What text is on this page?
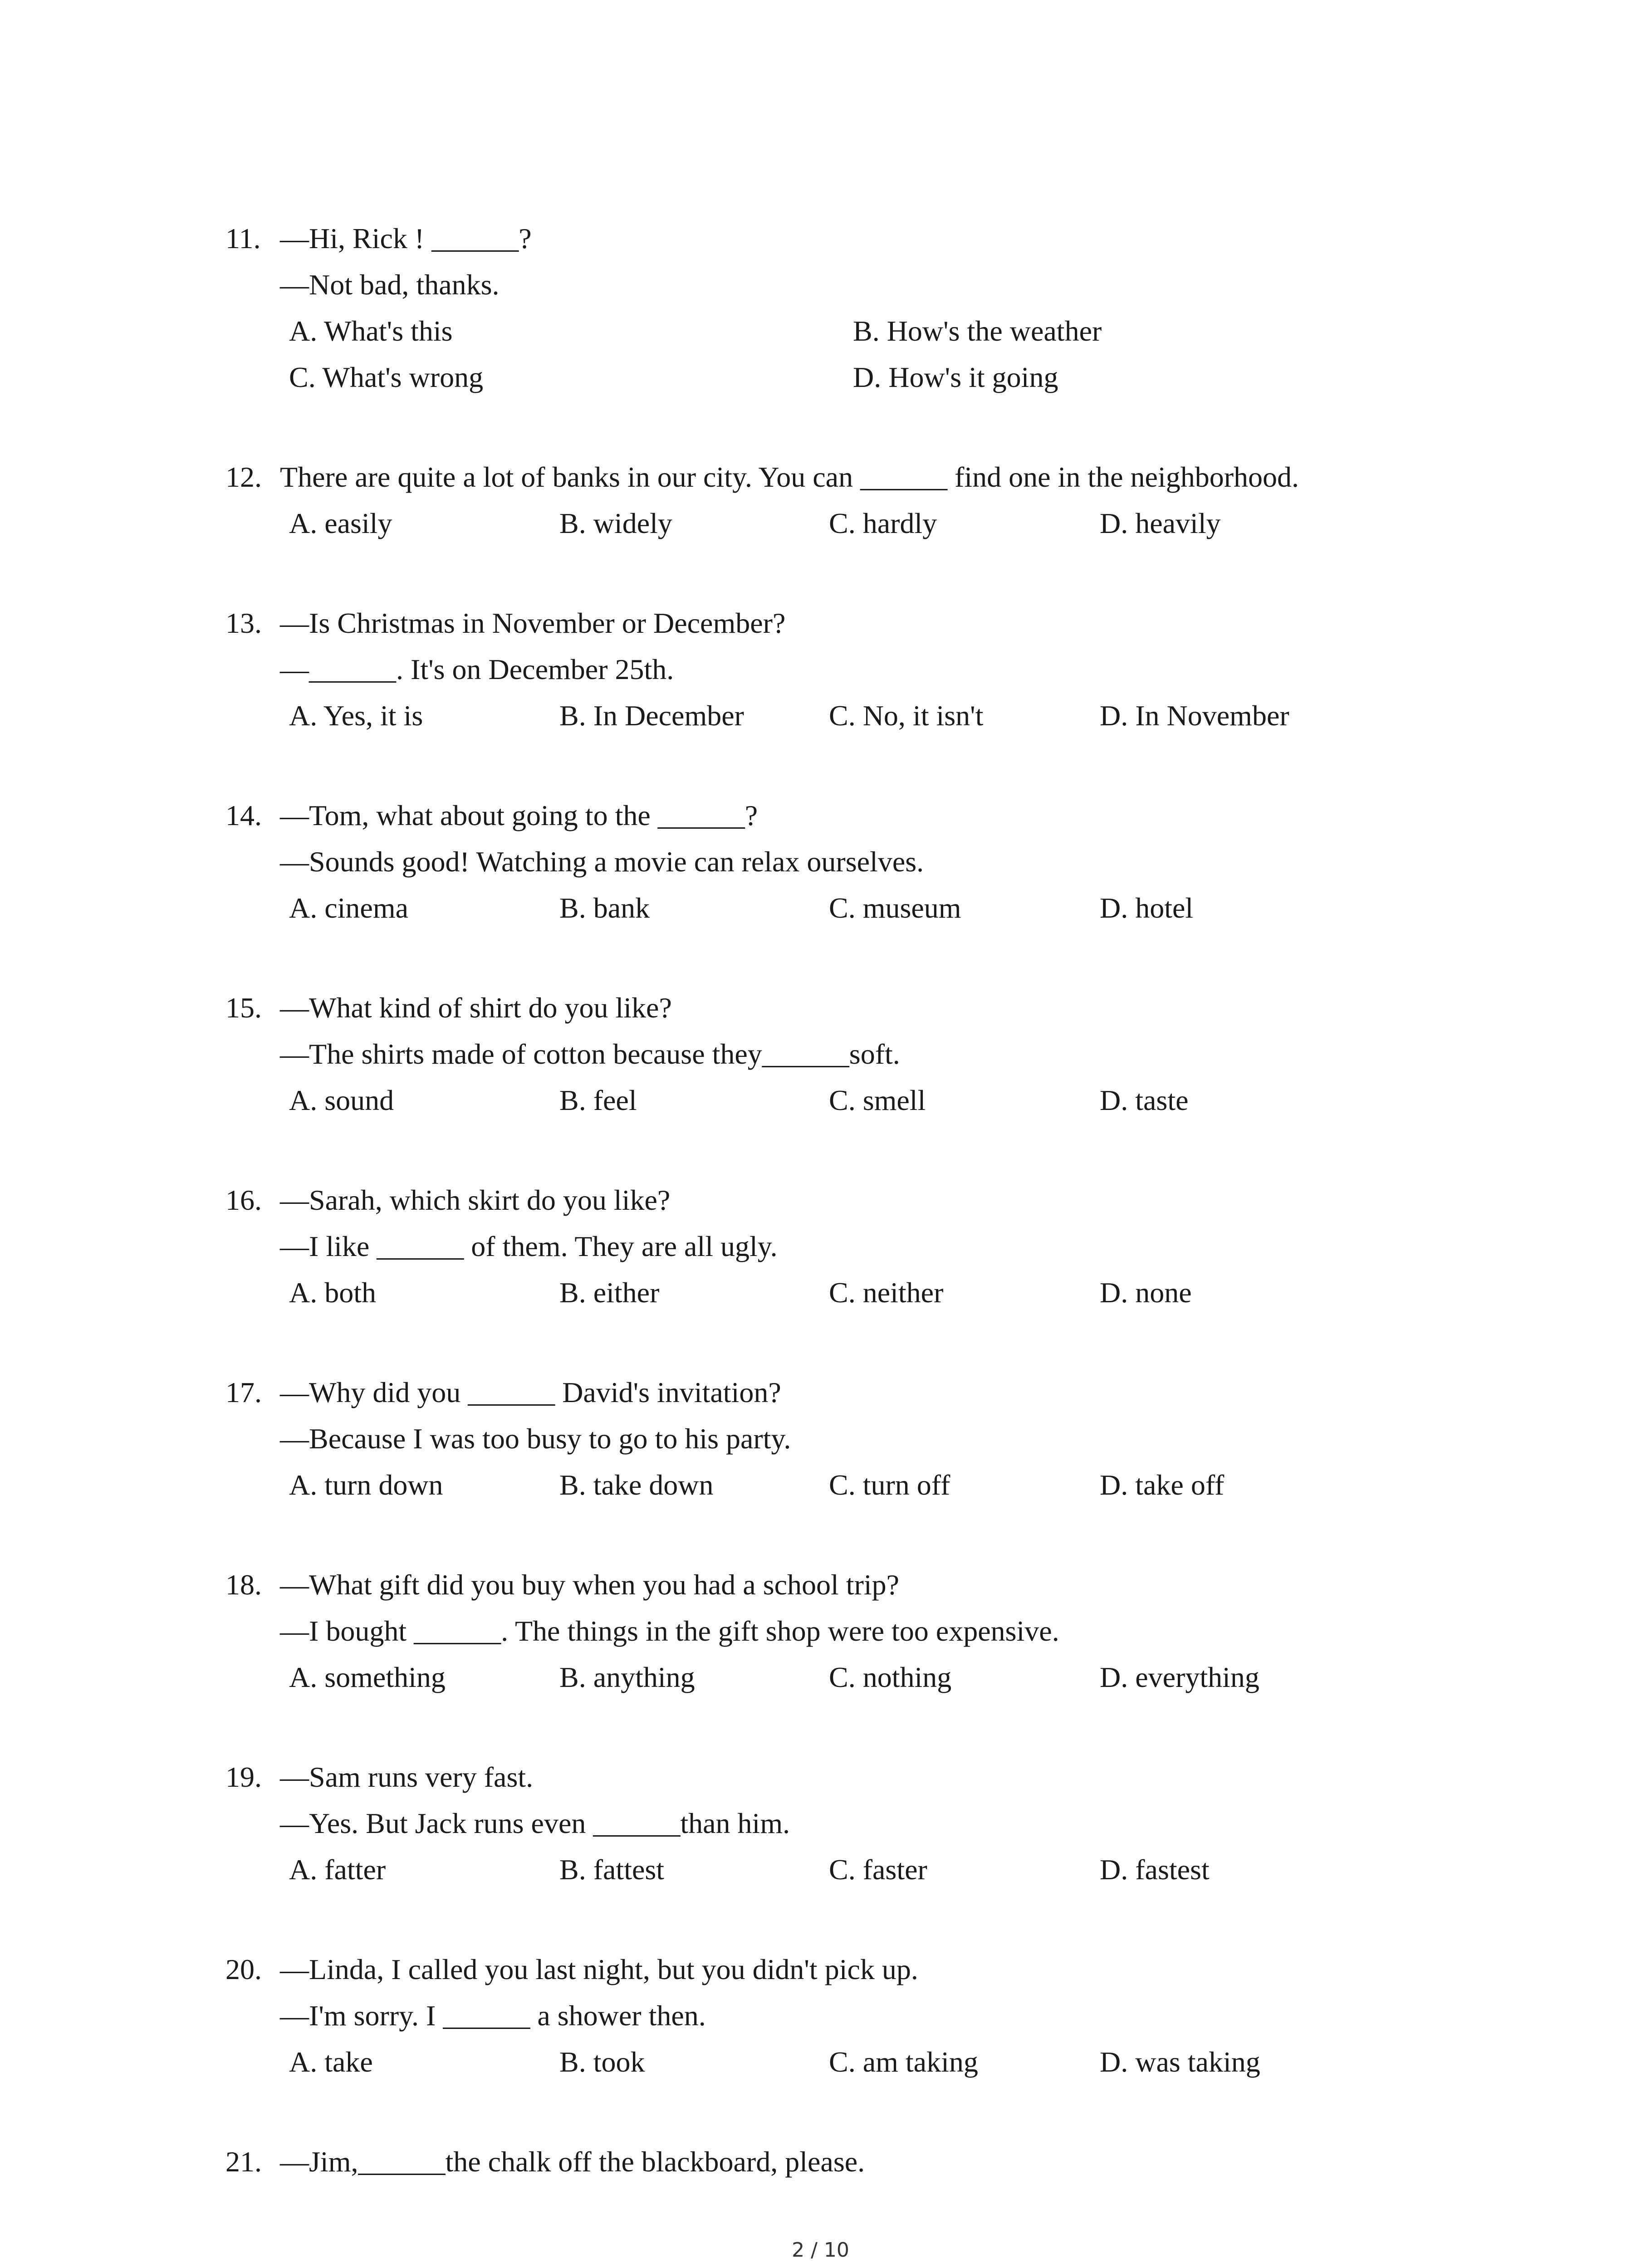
11. —Hi, Rick ! ______?
—Not bad, thanks.
A. What's this	B. How's the weather
C. What's wrong	D. How's it going
12. There are quite a lot of banks in our city. You can ______ find one in the neighborhood.
A. easily	B. widely	C. hardly	D. heavily
13. —Is Christmas in November or December?
—______. It's on December 25th.
A. Yes, it is	B. In December	C. No, it isn't	D. In November
14. —Tom, what about going to the ______?
—Sounds good! Watching a movie can relax ourselves.
A. cinema	B. bank	C. museum	D. hotel
15. —What kind of shirt do you like?
—The shirts made of cotton because they______soft.
A. sound	B. feel	C. smell	D. taste
16. —Sarah, which skirt do you like?
—I like ______ of them. They are all ugly.
A. both	B. either	C. neither	D. none
17. —Why did you ______ David's invitation?
—Because I was too busy to go to his party.
A. turn down	B. take down	C. turn off	D. take off
18. —What gift did you buy when you had a school trip?
—I bought ______. The things in the gift shop were too expensive.
A. something	B. anything	C. nothing	D. everything
19. —Sam runs very fast.
—Yes. But Jack runs even ______than him.
A. fatter	B. fattest	C. faster	D. fastest
20. —Linda, I called you last night, but you didn't pick up.
—I'm sorry. I ______ a shower then.
A. take	B. took	C. am taking	D. was taking
21. —Jim,______the chalk off the blackboard, please.
2 / 10
